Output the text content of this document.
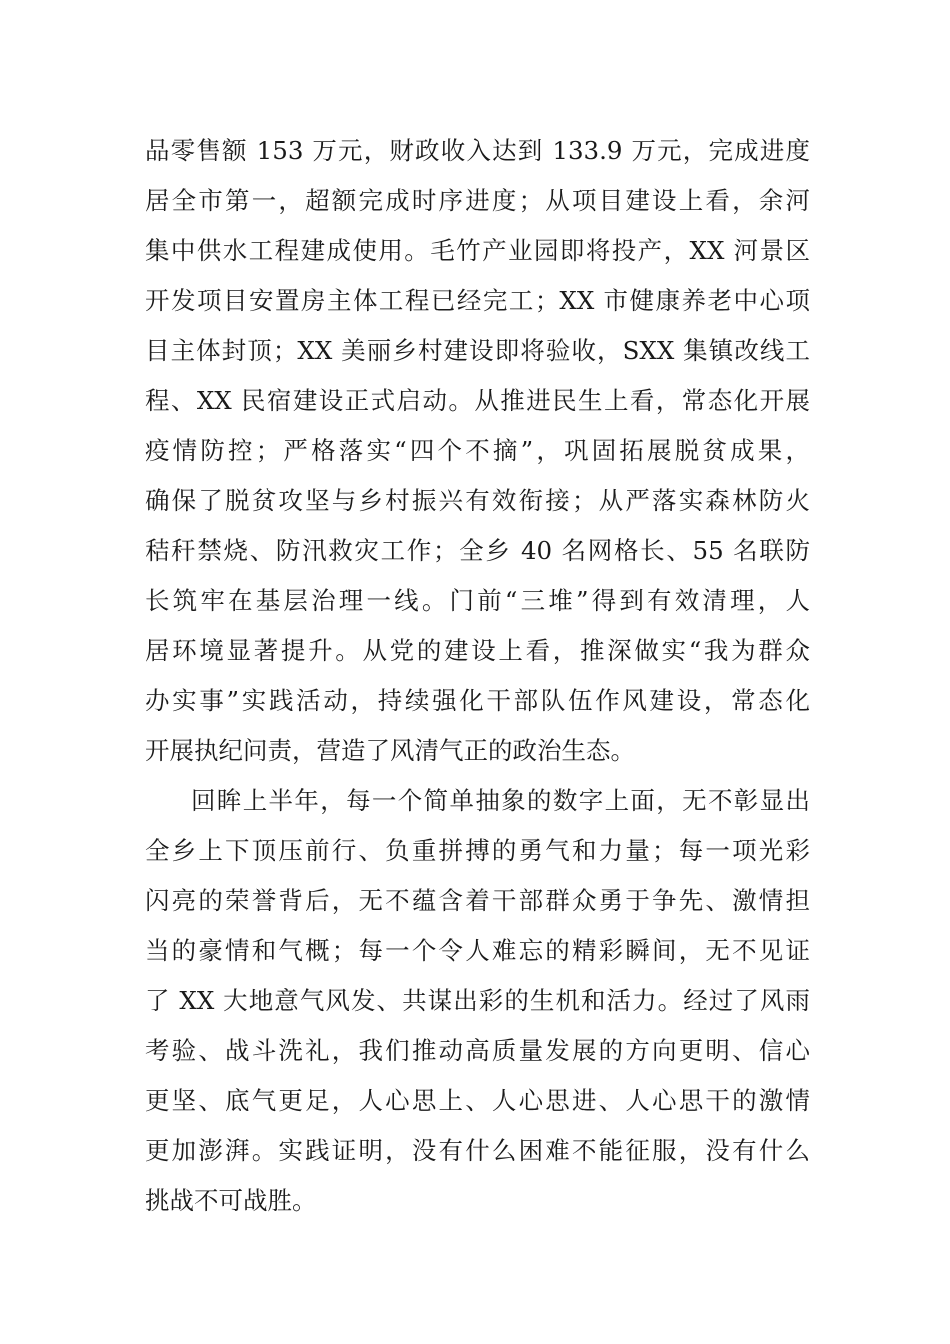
品零售额 153 万元，财政收入达到 133.9 万元，完成进度
居全市第一，超额完成时序进度；从项目建设上看，余河
集中供水工程建成使用。毛竹产业园即将投产，XX 河景区
开发项目安置房主体工程已经完工；XX 市健康养老中心项
目主体封顶；XX 美丽乡村建设即将验收，SXX 集镇改线工
程、XX 民宿建设正式启动。从推进民生上看，常态化开展
疫情防控；严格落实“四个不摘”，巩固拓展脱贫成果，
确保了脱贫攻坚与乡村振兴有效衔接；从严落实森林防火
秸秆禁烧、防汛救灾工作；全乡 40 名网格长、55 名联防
长筑牢在基层治理一线。门前“三堆”得到有效清理，人
居环境显著提升。从党的建设上看，推深做实“我为群众
办实事”实践活动，持续强化干部队伍作风建设，常态化
开展执纪问责，营造了风清气正的政治生态。
回眸上半年，每一个简单抽象的数字上面，无不彰显出
全乡上下顶压前行、负重拼搏的勇气和力量；每一项光彩
闪亮的荣誉背后，无不蕴含着干部群众勇于争先、激情担
当的豪情和气概；每一个令人难忘的精彩瞬间，无不见证
了 XX 大地意气风发、共谋出彩的生机和活力。经过了风雨
考验、战斗洗礼，我们推动高质量发展的方向更明、信心
更坚、底气更足，人心思上、人心思进、人心思干的激情
更加澎湃。实践证明，没有什么困难不能征服，没有什么
挑战不可战胜。
